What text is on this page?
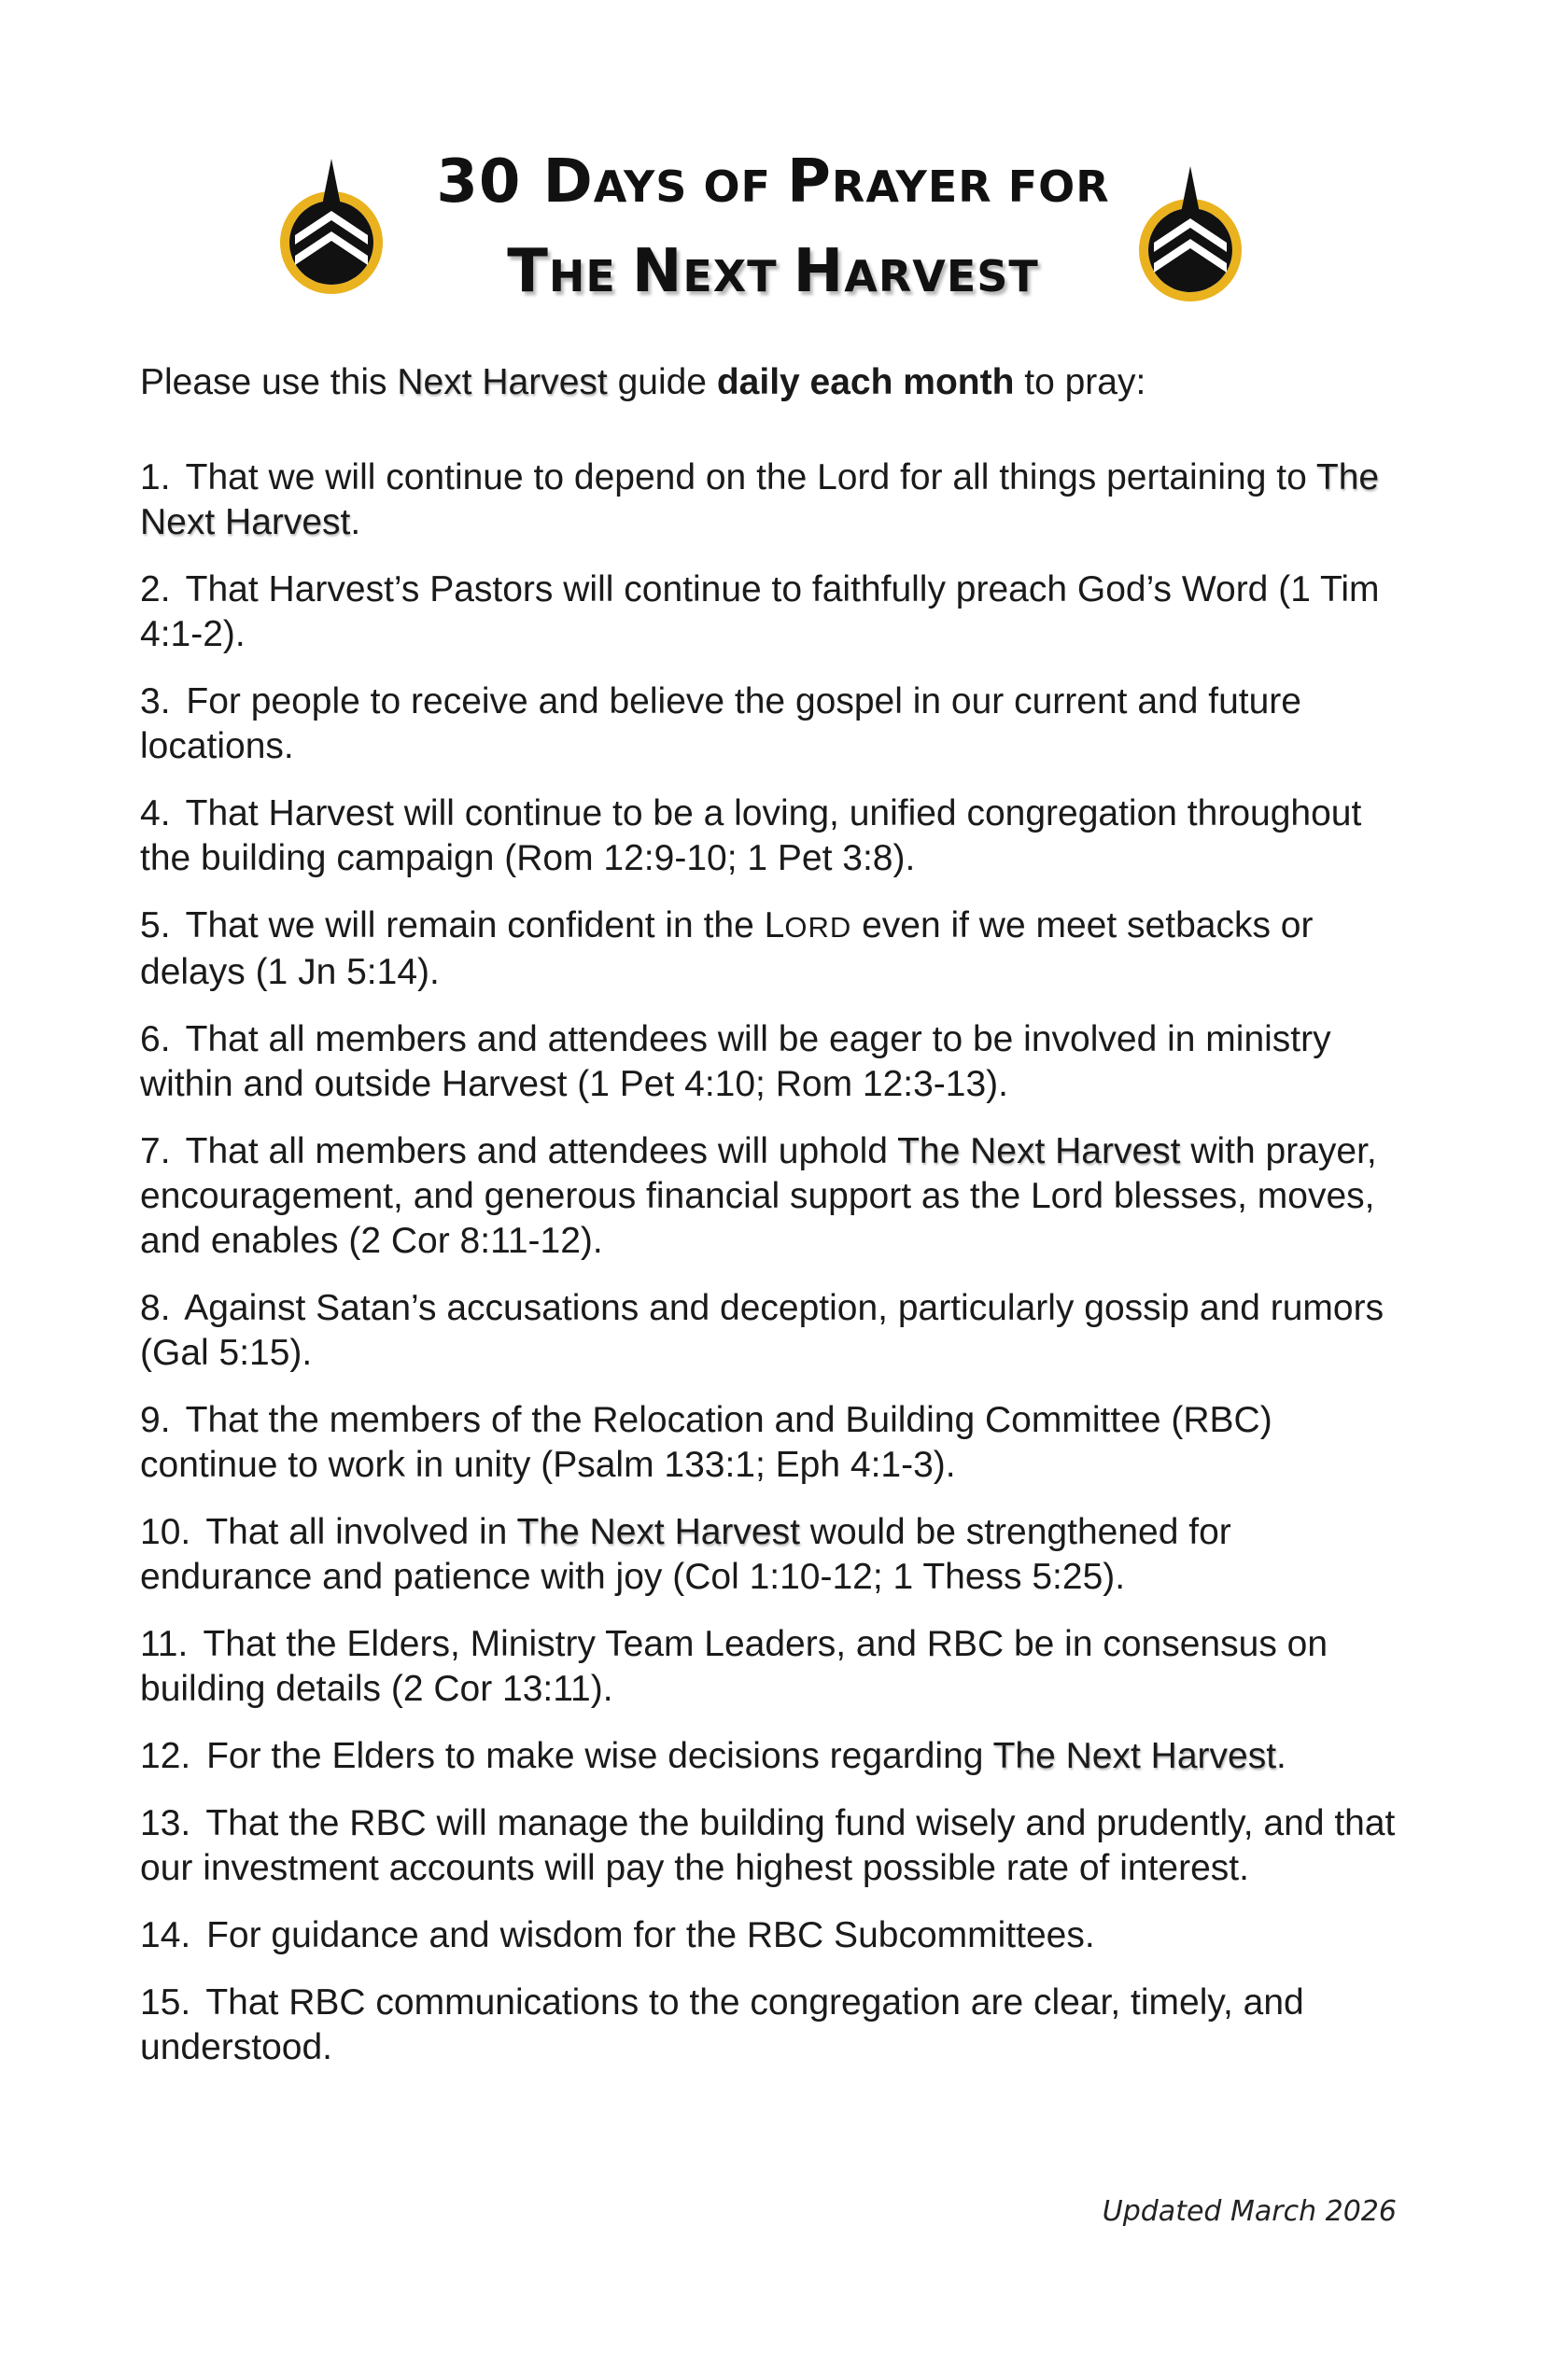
30 DAYS OF PRAYER FOR
THE NEXT HARVEST
Please use this Next Harvest guide daily each month to pray:
1. That we will continue to depend on the Lord for all things pertaining to The Next Harvest.
2. That Harvest’s Pastors will continue to faithfully preach God’s Word (1 Tim 4:1-2).
3. For people to receive and believe the gospel in our current and future locations.
4. That Harvest will continue to be a loving, unified congregation throughout the building campaign (Rom 12:9-10; 1 Pet 3:8).
5. That we will remain confident in the LORD even if we meet setbacks or delays (1 Jn 5:14).
6. That all members and attendees will be eager to be involved in ministry within and outside Harvest (1 Pet 4:10; Rom 12:3-13).
7. That all members and attendees will uphold The Next Harvest with prayer, encouragement, and generous financial support as the Lord blesses, moves, and enables (2 Cor 8:11-12).
8. Against Satan’s accusations and deception, particularly gossip and rumors (Gal 5:15).
9. That the members of the Relocation and Building Committee (RBC) continue to work in unity (Psalm 133:1; Eph 4:1-3).
10. That all involved in The Next Harvest would be strengthened for endurance and patience with joy (Col 1:10-12; 1 Thess 5:25).
11. That the Elders, Ministry Team Leaders, and RBC be in consensus on building details (2 Cor 13:11).
12. For the Elders to make wise decisions regarding The Next Harvest.
13. That the RBC will manage the building fund wisely and prudently, and that our investment accounts will pay the highest possible rate of interest.
14. For guidance and wisdom for the RBC Subcommittees.
15. That RBC communications to the congregation are clear, timely, and understood.
Updated March 2026
